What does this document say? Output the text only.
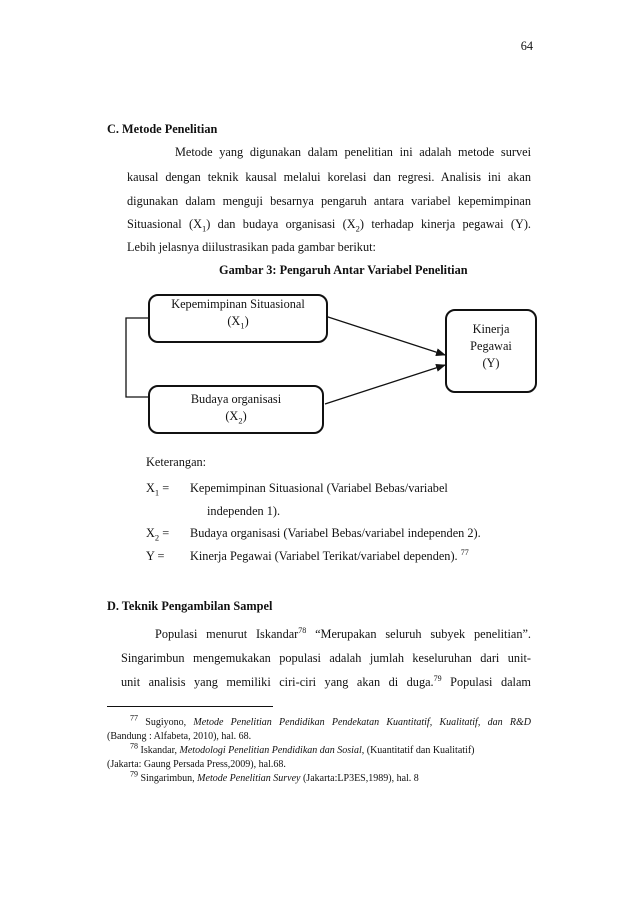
64
C. Metode Penelitian
Metode yang digunakan dalam penelitian ini adalah metode survei
kausal dengan teknik kausal melalui korelasi dan regresi. Analisis ini akan
digunakan dalam menguji besarnya pengaruh antara variabel kepemimpinan
Situasional $(X_1)$ dan budaya organisasi $(X_2)$ terhadap kinerja pegawai (Y).
Lebih jelasnya diilustrasikan pada gambar berikut:
Gambar 3: Pengaruh Antar Variabel Penelitian
Kepemimpinan Situasional
$(X_1)$
Budaya organisasi
$(X_2)$
Kinerja
Pegawai
(Y)
Keterangan:
$X_1$ = Kepemimpinan Situasional (Variabel Bebas/variabel
independen 1).
$X_2$ = Budaya organisasi (Variabel Bebas/variabel independen 2).
Y = Kinerja Pegawai (Variabel Terikat/variabel dependen). $^{77}$
D. Teknik Pengambilan Sampel
Populasi menurut Iskandar$^{78}$ “Merupakan seluruh subyek penelitian”.
Singarimbun mengemukakan populasi adalah jumlah keseluruhan dari unit-
unit analisis yang memiliki ciri-ciri yang akan di duga.$^{79}$ Populasi dalam
$^{77}$ Sugiyono, Metode Penelitian Pendidikan Pendekatan Kuantitatif, Kualitatif, dan R&D
(Bandung : Alfabeta, 2010), hal. 68.
$^{78}$ Iskandar, Metodologi Penelitian Pendidikan dan Sosial, (Kuantitatif dan Kualitatif)
(Jakarta: Gaung Persada Press,2009), hal.68.
$^{79}$ Singarimbun, Metode Penelitian Survey (Jakarta:LP3ES,1989), hal. 8
